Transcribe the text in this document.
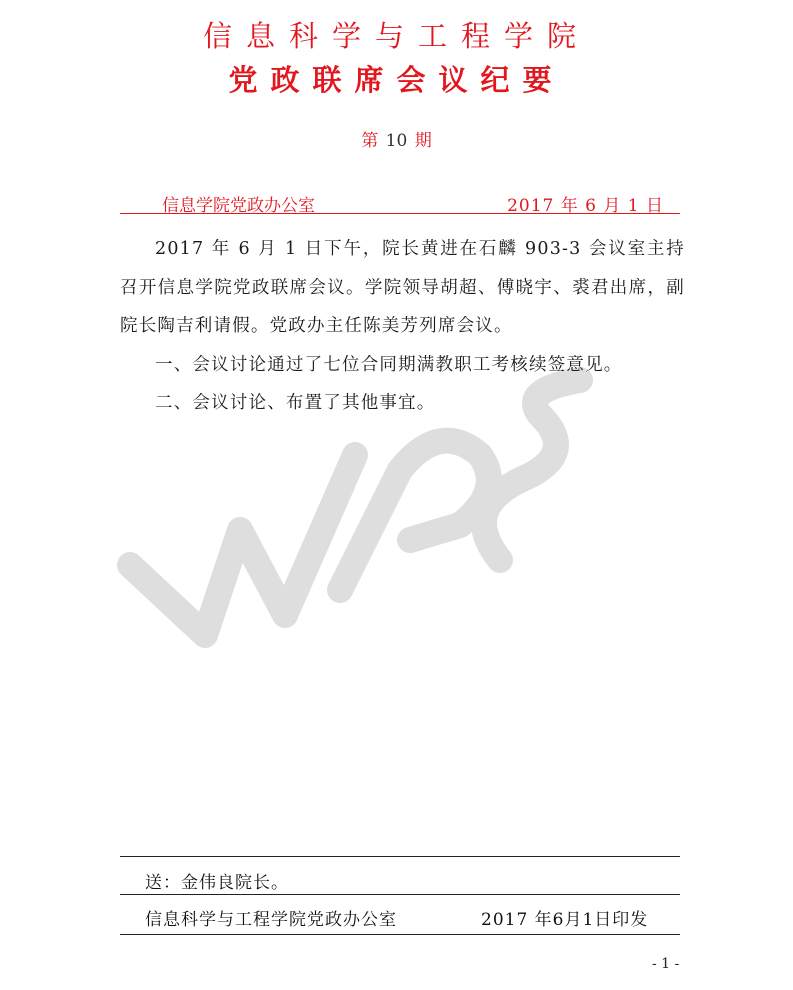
信息科学与工程学院
党政联席会议纪要
第 10 期
信息学院党政办公室	2017 年 6 月 1 日

2017 年 6 月 1 日下午，院长黄进在石麟 903-3 会议室主持召开信息学院党政联席会议。学院领导胡超、傅晓宇、裘君出席，副院长陶吉利请假。党政办主任陈美芳列席会议。

一、会议讨论通过了七位合同期满教职工考核续签意见。

二、会议讨论、布置了其他事宜。

送：金伟良院长。
信息科学与工程学院党政办公室	2017 年6月1日印发
- 1 -
